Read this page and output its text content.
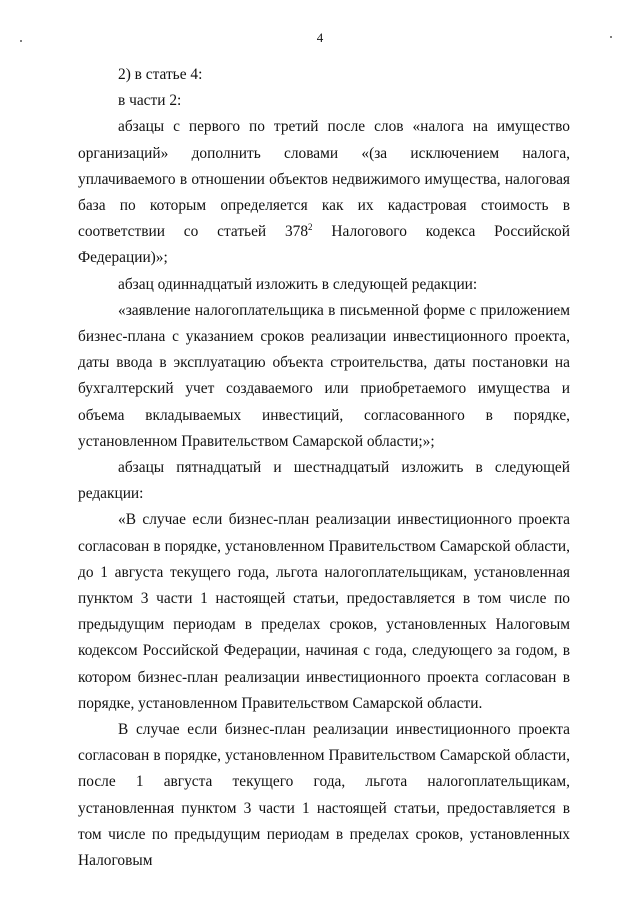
4

2) в статье 4:

в части 2:

абзацы с первого по третий после слов «налога на имущество организаций» дополнить словами «(за исключением налога, уплачиваемого в отношении объектов недвижимого имущества, налоговая база по которым определяется как их кадастровая стоимость в соответствии со статьей $378^2$ Налогового кодекса Российской Федерации)»;

абзац одиннадцатый изложить в следующей редакции:

«заявление налогоплательщика в письменной форме с приложением бизнес-плана с указанием сроков реализации инвестиционного проекта, даты ввода в эксплуатацию объекта строительства, даты постановки на бухгалтерский учет создаваемого или приобретаемого имущества и объема вкладываемых инвестиций, согласованного в порядке, установленном Правительством Самарской области;»;

абзацы пятнадцатый и шестнадцатый изложить в следующей редакции:

«В случае если бизнес-план реализации инвестиционного проекта согласован в порядке, установленном Правительством Самарской области, до 1 августа текущего года, льгота налогоплательщикам, установленная пунктом 3 части 1 настоящей статьи, предоставляется в том числе по предыдущим периодам в пределах сроков, установленных Налоговым кодексом Российской Федерации, начиная с года, следующего за годом, в котором бизнес-план реализации инвестиционного проекта согласован в порядке, установленном Правительством Самарской области.

В случае если бизнес-план реализации инвестиционного проекта согласован в порядке, установленном Правительством Самарской области, после 1 августа текущего года, льгота налогоплательщикам, установленная пунктом 3 части 1 настоящей статьи, предоставляется в том числе по предыдущим периодам в пределах сроков, установленных Налоговым
